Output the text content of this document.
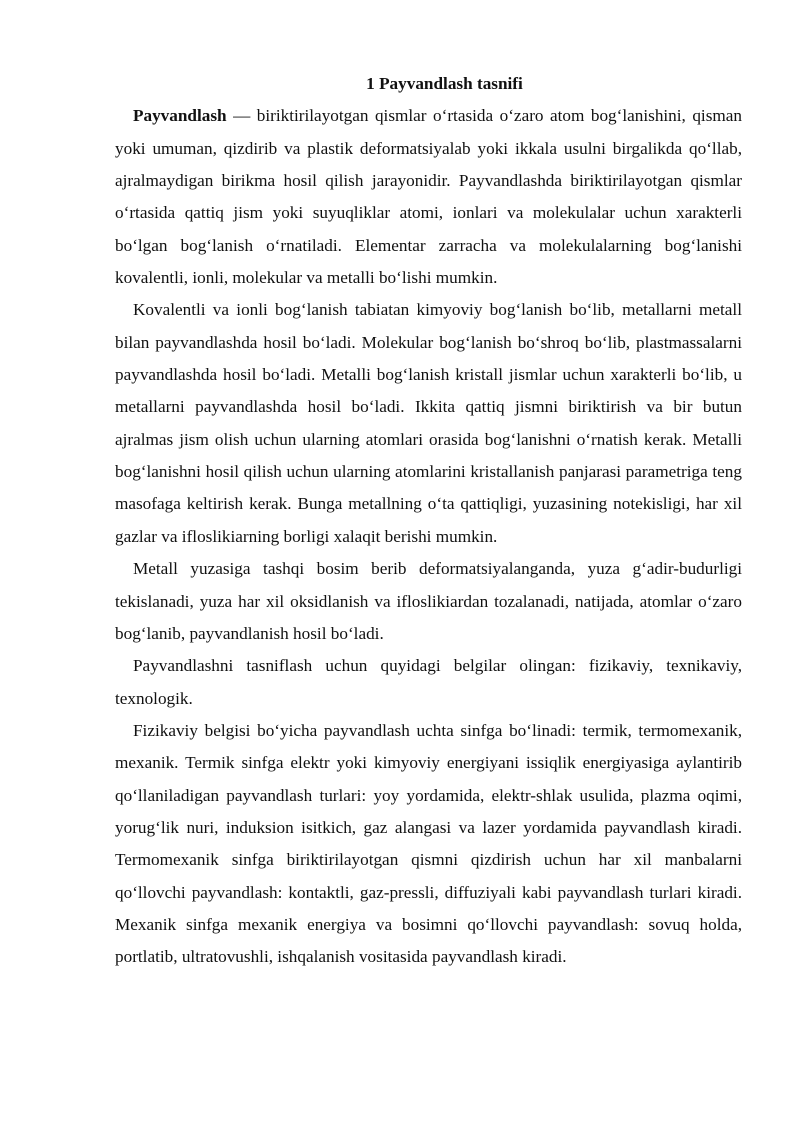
1 Payvandlash tasnifi

Payvandlash — biriktirilayotgan qismlar o‘rtasida o‘zaro atom bog‘lanishini, qisman yoki umuman, qizdirib va plastik deformatsiyalab yoki ikkala usulni birgalikda qo‘llab, ajralmaydigan birikma hosil qilish jarayonidir. Payvandlashda biriktirilayotgan qismlar o‘rtasida qattiq jism yoki suyuqliklar atomi, ionlari va molekulalar uchun xarakterli bo‘lgan bog‘lanish o‘rnatiladi. Elementar zarracha va molekulalarning bog‘lanishi kovalentli, ionli, molekular va metalli bo‘lishi mumkin.

Kovalentli va ionli bog‘lanish tabiatan kimyoviy bog‘lanish bo‘lib, metallarni metall bilan payvandlashda hosil bo‘ladi. Molekular bog‘lanish bo‘shroq bo‘lib, plastmassalarni payvandlashda hosil bo‘ladi. Metalli bog‘lanish kristall jismlar uchun xarakterli bo‘lib, u metallarni payvandlashda hosil bo‘ladi. Ikkita qattiq jismni biriktirish va bir butun ajralmas jism olish uchun ularning atomlari orasida bog‘lanishni o‘rnatish kerak. Metalli bog‘lanishni hosil qilish uchun ularning atomlarini kristallanish panjarasi parametriga teng masofaga keltirish kerak. Bunga metallning o‘ta qattiqligi, yuzasining notekisligi, har xil gazlar va ifloslikiarning borligi xalaqit berishi mumkin.

Metall yuzasiga tashqi bosim berib deformatsiyalanganda, yuza g‘adir-budurligi tekislanadi, yuza har xil oksidlanish va ifloslikiardan tozalanadi, natijada, atomlar o‘zaro bog‘lanib, payvandlanish hosil bo‘ladi.

Payvandlashni tasniflash uchun quyidagi belgilar olingan: fizikaviy, texnikaviy, texnologik.

Fizikaviy belgisi bo‘yicha payvandlash uchta sinfga bo‘linadi: termik, termomexanik, mexanik. Termik sinfga elektr yoki kimyoviy energiyani issiqlik energiyasiga aylantirib qo‘llaniladigan payvandlash turlari: yoy yordamida, elektr-shlak usulida, plazma oqimi, yorug‘lik nuri, induksion isitkich, gaz alangasi va lazer yordamida payvandlash kiradi. Termomexanik sinfga biriktirilayotgan qismni qizdirish uchun har xil manbalarni qo‘llovchi payvandlash: kontaktli, gaz-pressli, diffuziyali kabi payvandlash turlari kiradi. Mexanik sinfga mexanik energiya va bosimni qo‘llovchi payvandlash: sovuq holda, portlatib, ultratovushli, ishqalanish vositasida payvandlash kiradi.
